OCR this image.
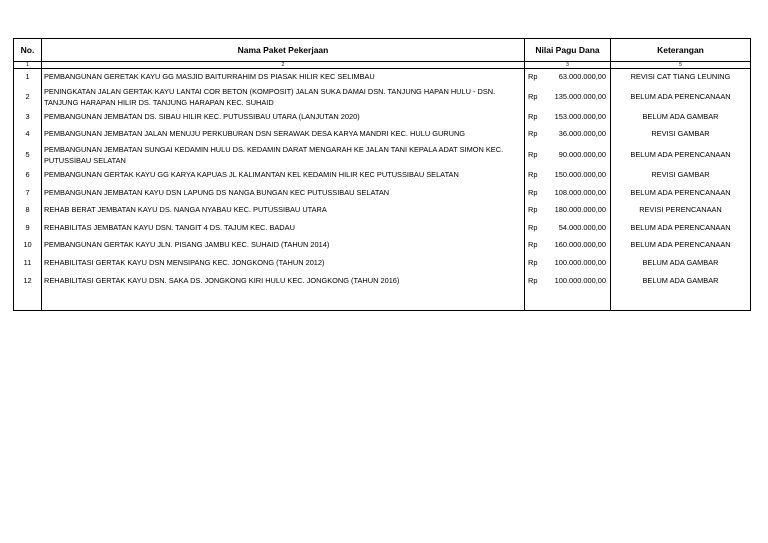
No.	Nama Paket Pekerjaan	Nilai Pagu Dana		Keterangan
1	2	3		5
1	PEMBANGUNAN GERETAK KAYU GG MASJID BAITURRAHIM DS PIASAK HILIR KEC SELIMBAU	Rp	63.000.000,00	REVISI CAT TIANG LEUNING
2	PENINGKATAN JALAN GERTAK KAYU LANTAI COR BETON (KOMPOSIT) JALAN SUKA DAMAI DSN. TANJUNG HAPAN HULU - DSN. TANJUNG HARAPAN HILIR DS. TANJUNG HARAPAN KEC. SUHAID	Rp	135.000.000,00	BELUM ADA PERENCANAAN
3	PEMBANGUNAN JEMBATAN DS. SIBAU HILIR KEC. PUTUSSIBAU UTARA (LANJUTAN 2020)	Rp	153.000.000,00	BELUM ADA GAMBAR
4	PEMBANGUNAN JEMBATAN JALAN MENUJU PERKUBURAN DSN SERAWAK DESA KARYA MANDRI KEC. HULU GURUNG	Rp	36.000.000,00	REVISI GAMBAR
5	PEMBANGUNAN JEMBATAN SUNGAI KEDAMIN HULU DS. KEDAMIN DARAT MENGARAH KE JALAN TANI KEPALA ADAT SIMON KEC. PUTUSSIBAU SELATAN	Rp	90.000.000,00	BELUM ADA PERENCANAAN
6	PEMBANGUNAN GERTAK KAYU GG KARYA KAPUAS JL KALIMANTAN KEL KEDAMIN HILIR KEC PUTUSSIBAU SELATAN	Rp	150.000.000,00	REVISI GAMBAR
7	PEMBANGUNAN JEMBATAN KAYU DSN LAPUNG DS NANGA BUNGAN KEC PUTUSSIBAU SELATAN	Rp	108.000.000,00	BELUM ADA PERENCANAAN
8	REHAB BERAT JEMBATAN KAYU DS. NANGA NYABAU KEC. PUTUSSIBAU UTARA	Rp	180.000.000,00	REVISI PERENCANAAN
9	REHABILITAS JEMBATAN KAYU DSN. TANGIT 4 DS. TAJUM KEC. BADAU	Rp	54.000.000,00	BELUM ADA PERENCANAAN
10	PEMBANGUNAN GERTAK KAYU JLN. PISANG JAMBU KEC. SUHAID (TAHUN 2014)	Rp	160.000.000,00	BELUM ADA PERENCANAAN
11	REHABILITASI GERTAK KAYU DSN MENSIPANG KEC. JONGKONG (TAHUN 2012)	Rp	100.000.000,00	BELUM ADA GAMBAR
12	REHABILITASI GERTAK KAYU DSN. SAKA DS. JONGKONG KIRI HULU KEC. JONGKONG (TAHUN 2016)	Rp	100.000.000,00	BELUM ADA GAMBAR
